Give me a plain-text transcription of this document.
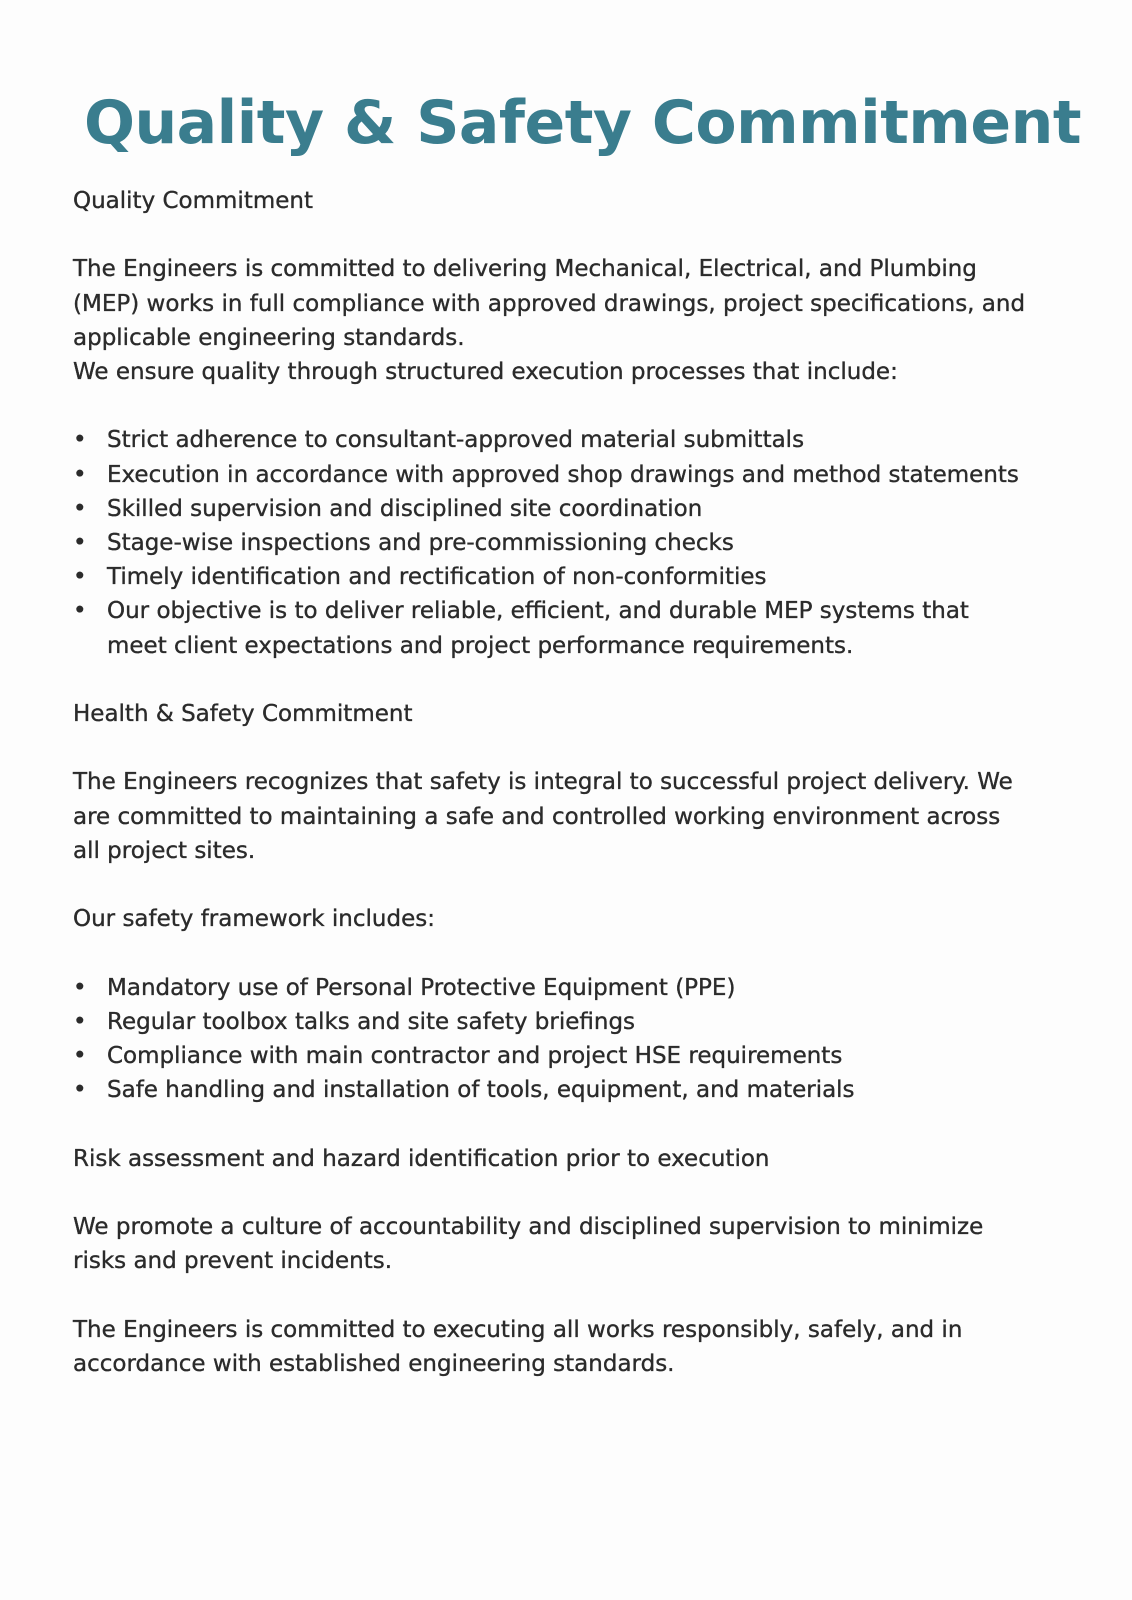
Quality & Safety Commitment
Quality Commitment

The Engineers is committed to delivering Mechanical, Electrical, and Plumbing (MEP) works in full compliance with approved drawings, project specifications, and applicable engineering standards.

We ensure quality through structured execution processes that include:

• Strict adherence to consultant-approved material submittals
• Execution in accordance with approved shop drawings and method statements
• Skilled supervision and disciplined site coordination
• Stage-wise inspections and pre-commissioning checks
• Timely identification and rectification of non-conformities
• Our objective is to deliver reliable, efficient, and durable MEP systems that meet client expectations and project performance requirements.
Health & Safety Commitment

The Engineers recognizes that safety is integral to successful project delivery. We are committed to maintaining a safe and controlled working environment across all project sites.

Our safety framework includes:

• Mandatory use of Personal Protective Equipment (PPE)
• Regular toolbox talks and site safety briefings
• Compliance with main contractor and project HSE requirements
• Safe handling and installation of tools, equipment, and materials

Risk assessment and hazard identification prior to execution

We promote a culture of accountability and disciplined supervision to minimize risks and prevent incidents.

The Engineers is committed to executing all works responsibly, safely, and in accordance with established engineering standards.
